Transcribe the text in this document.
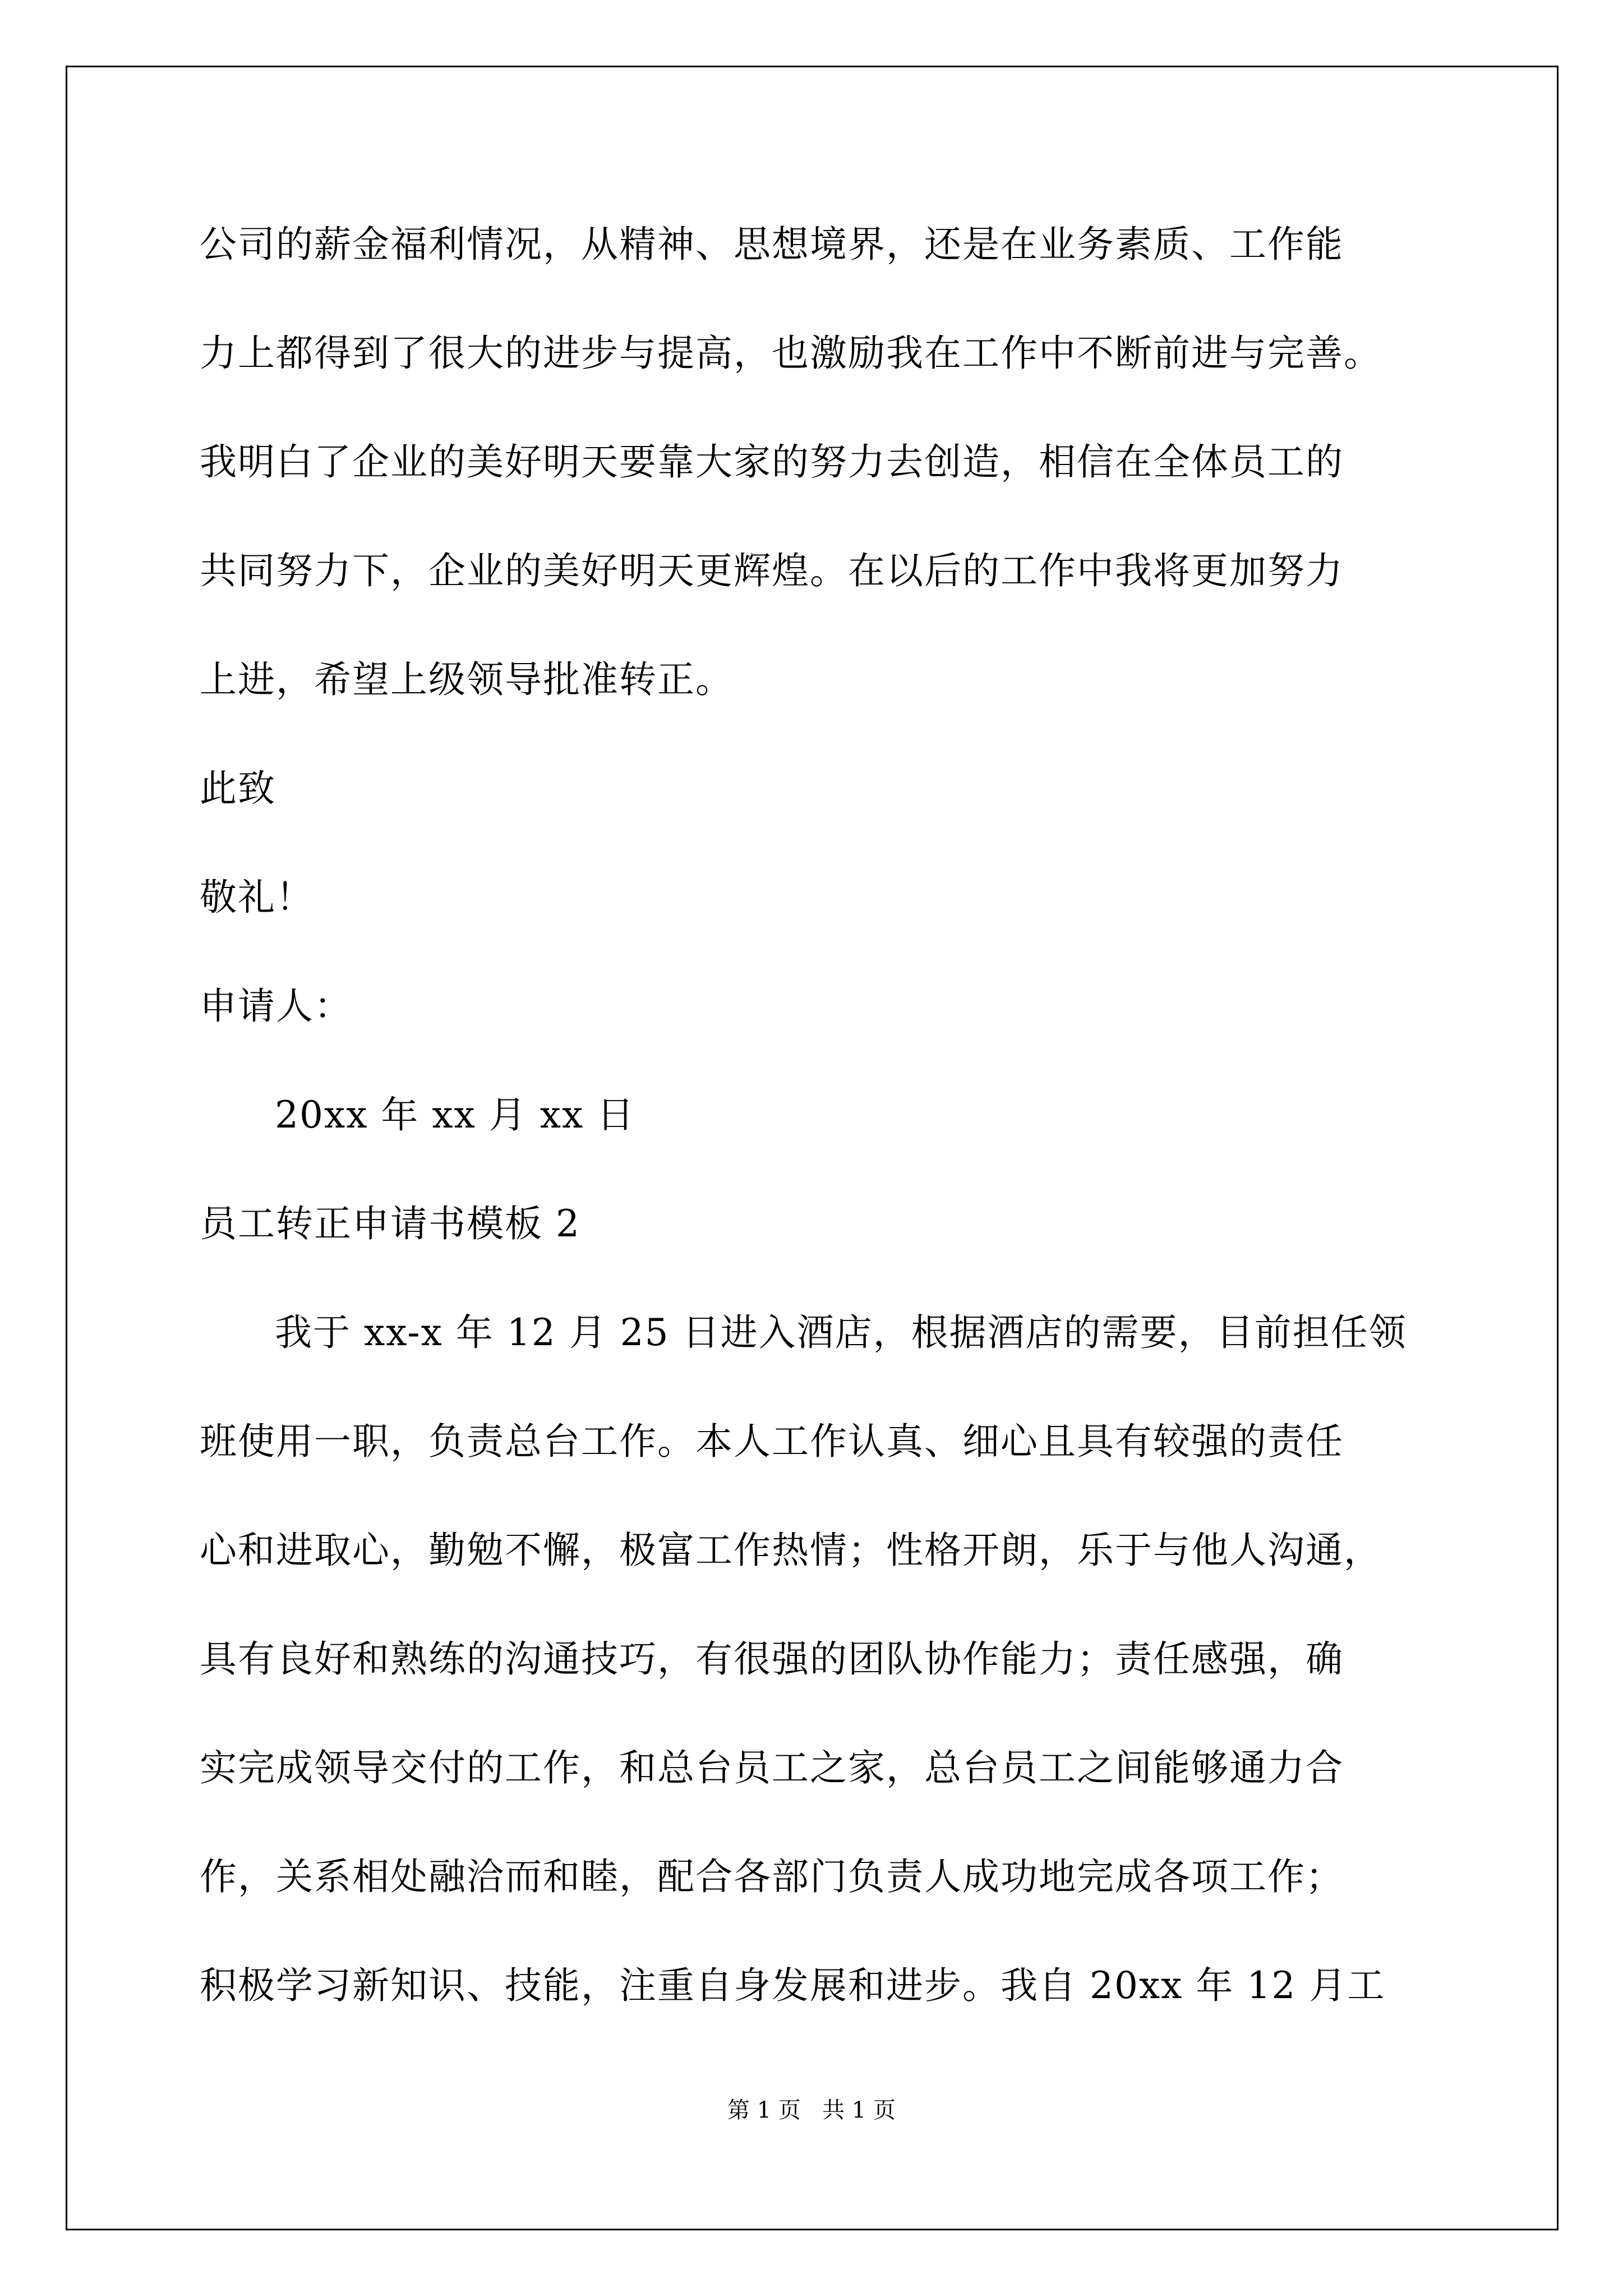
公司的薪金福利情况，从精神、思想境界，还是在业务素质、工作能
力上都得到了很大的进步与提高，也激励我在工作中不断前进与完善。
我明白了企业的美好明天要靠大家的努力去创造，相信在全体员工的
共同努力下，企业的美好明天更辉煌。在以后的工作中我将更加努力
上进，希望上级领导批准转正。
此致
敬礼！
申请人：
20xx 年 xx 月 xx 日
员工转正申请书模板 2
我于 xx-x 年 12 月 25 日进入酒店，根据酒店的需要，目前担任领
班使用一职，负责总台工作。本人工作认真、细心且具有较强的责任
心和进取心，勤勉不懈，极富工作热情；性格开朗，乐于与他人沟通，
具有良好和熟练的沟通技巧，有很强的团队协作能力；责任感强，确
实完成领导交付的工作，和总台员工之家，总台员工之间能够通力合
作，关系相处融洽而和睦，配合各部门负责人成功地完成各项工作；
积极学习新知识、技能，注重自身发展和进步。我自 20xx 年 12 月工
第 1 页   共 1 页
